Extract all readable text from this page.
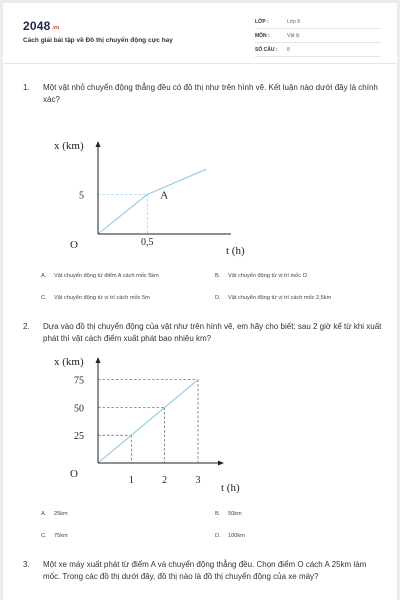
2048.vn
Cách giải bài tập về Đồ thị chuyển động cực hay
LỚP :	Lớp 8
MÔN :	Vật lý
SỐ CÂU : 8
1. Một vật nhỏ chuyển động thẳng đều có đồ thị như trên hình vẽ. Kết luận nào dưới đây là chính xác?
x (km)
t (h)
O	0,5
5	A
A. Vật chuyển động từ điểm A cách mốc 5km	B. Vật chuyển động từ vị trí mốc O
C. Vật chuyển động từ vị trí cách mốc 5m	D. Vật chuyển động từ vị trí cách mốc 2,5km
2. Dựa vào đồ thị chuyển động của vật như trên hình vẽ, em hãy cho biết: sau 2 giờ kể từ khi xuất phát thì vật cách điểm xuất phát bao nhiêu km?
x (km)
t (h)
O
1	2	3
25
50
75
A. 25km	B. 50km
C. 75km	D. 100km
3. Một xe máy xuất phát từ điểm A và chuyển động thẳng đều. Chọn điểm O cách A 25km làm mốc. Trong các đồ thị dưới đây, đồ thị nào là đồ thị chuyển động của xe máy?
